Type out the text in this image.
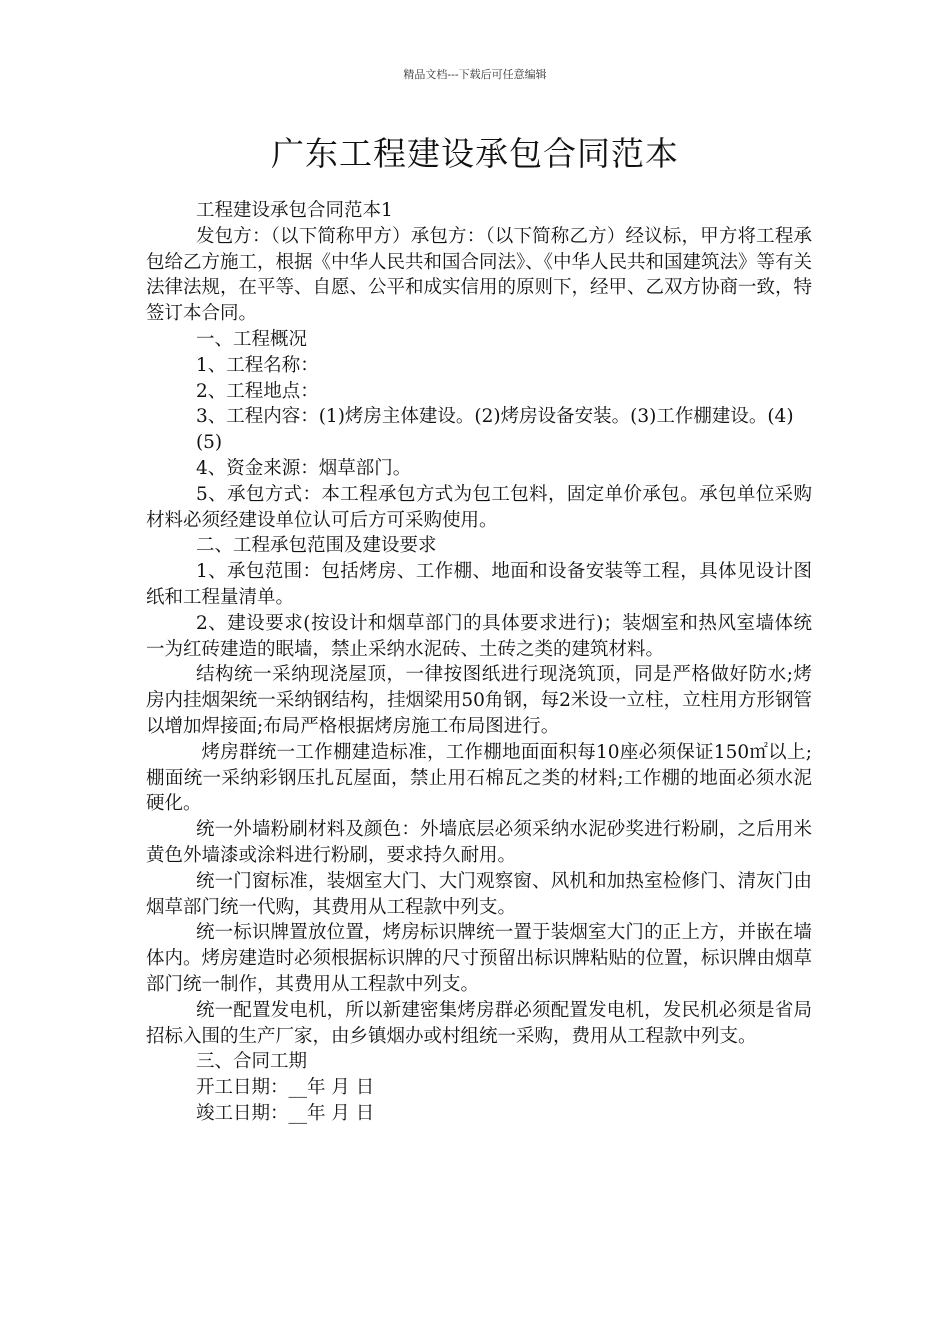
精品文档---下载后可任意编辑
广东工程建设承包合同范本

工程建设承包合同范本1

发包方：（以下简称甲方）承包方：（以下简称乙方）经议标，甲方将工程承包给乙方施工，根据《中华人民共和国合同法》、《中华人民共和国建筑法》等有关法律法规，在平等、自愿、公平和成实信用的原则下，经甲、乙双方协商一致，特签订本合同。

一、工程概况

1、工程名称：

2、工程地点：

3、工程内容：(1)烤房主体建设。(2)烤房设备安装。(3)工作棚建设。(4)

(5)

4、资金来源：烟草部门。

5、承包方式：本工程承包方式为包工包料，固定单价承包。承包单位采购材料必须经建设单位认可后方可采购使用。

二、工程承包范围及建设要求

1、承包范围：包括烤房、工作棚、地面和设备安装等工程，具体见设计图纸和工程量清单。

2、建设要求(按设计和烟草部门的具体要求进行)；装烟室和热风室墙体统一为红砖建造的眠墙，禁止采纳水泥砖、土砖之类的建筑材料。

结构统一采纳现浇屋顶，一律按图纸进行现浇筑顶，同是严格做好防水;烤房内挂烟架统一采纳钢结构，挂烟梁用50角钢，每2米设一立柱，立柱用方形钢管以增加焊接面;布局严格根据烤房施工布局图进行。

烤房群统一工作棚建造标准，工作棚地面面积每10座必须保证150㎡以上;棚面统一采纳彩钢压扎瓦屋面，禁止用石棉瓦之类的材料;工作棚的地面必须水泥硬化。

统一外墙粉刷材料及颜色：外墙底层必须采纳水泥砂奖进行粉刷，之后用米黄色外墙漆或涂料进行粉刷，要求持久耐用。

统一门窗标准，装烟室大门、大门观察窗、风机和加热室检修门、清灰门由烟草部门统一代购，其费用从工程款中列支。

统一标识牌置放位置，烤房标识牌统一置于装烟室大门的正上方，并嵌在墙体内。烤房建造时必须根据标识牌的尺寸预留出标识牌粘贴的位置，标识牌由烟草部门统一制作，其费用从工程款中列支。

统一配置发电机，所以新建密集烤房群必须配置发电机，发民机必须是省局招标入围的生产厂家，由乡镇烟办或村组统一采购，费用从工程款中列支。

三、合同工期

开工日期：__年 月 日

竣工日期：__年 月 日
